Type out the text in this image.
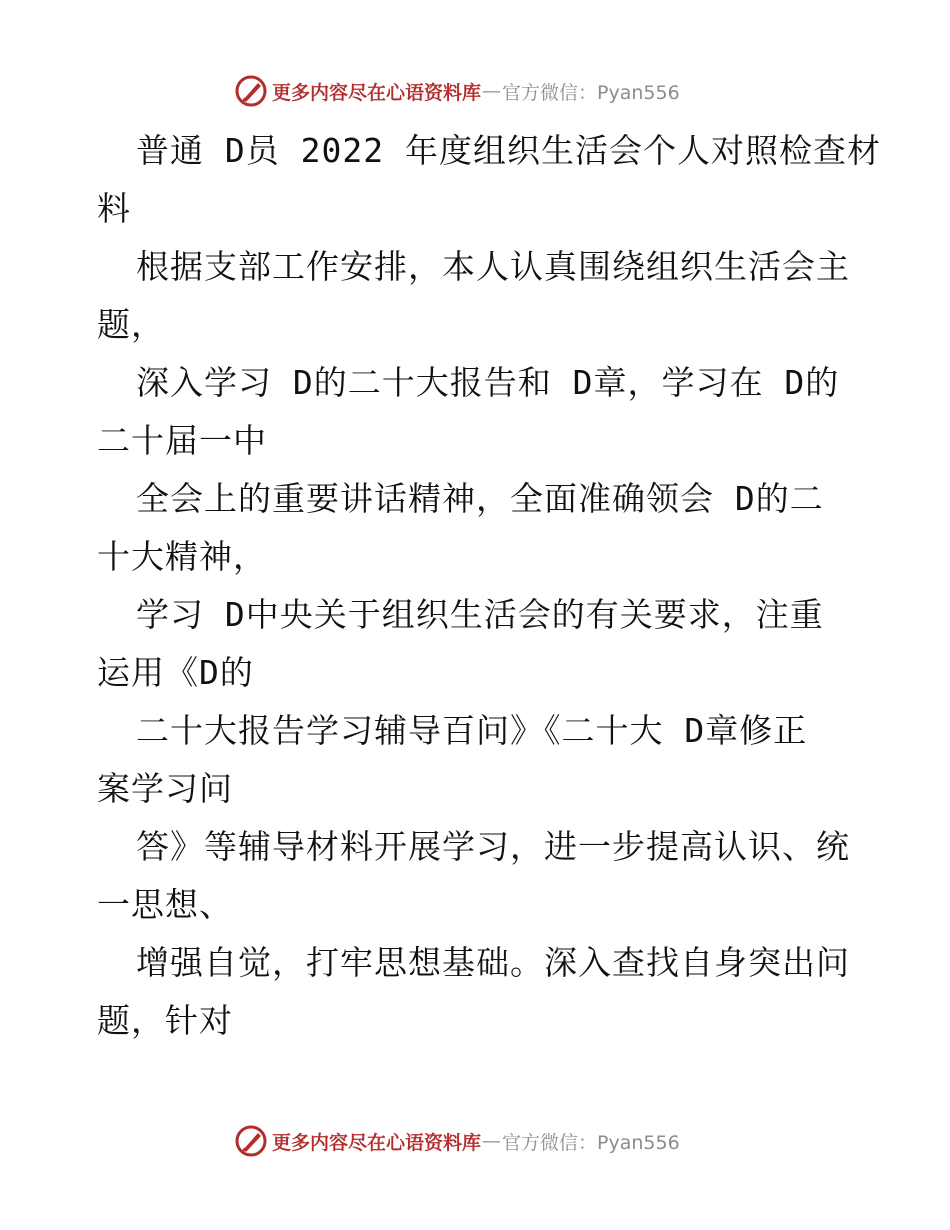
更多内容尽在心语资料库 — 官方微信：Pyan556
普通 D员 2022 年度组织生活会个人对照检查材
料
根据支部工作安排，本人认真围绕组织生活会主
题，
深入学习 D的二十大报告和 D章，学习在 D的
二十届一中
全会上的重要讲话精神，全面准确领会 D的二
十大精神，
学习 D中央关于组织生活会的有关要求，注重
运用《D的
二十大报告学习辅导百问》《二十大 D章修正
案学习问
答》等辅导材料开展学习，进一步提高认识、统
一思想、
增强自觉，打牢思想基础。深入查找自身突出问
题，针对
更多内容尽在心语资料库 — 官方微信：Pyan556
